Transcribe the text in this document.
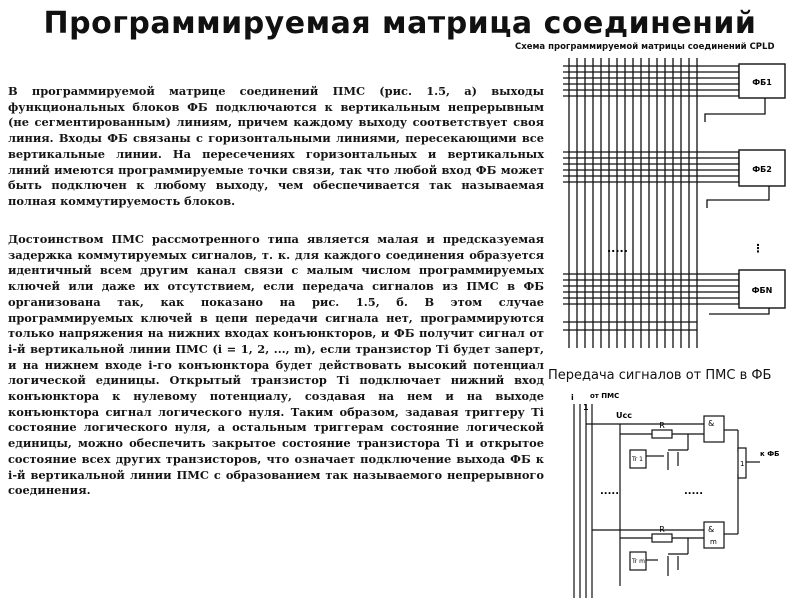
Программируемая матрица соединений

В программируемой матрице соединений ПМС (рис. 1.5, а) выходы функциональных блоков ФБ подключаются к вертикальным непрерывным (не сегментированным) линиям, причем каждому выходу соответствует своя линия. Входы ФБ связаны с горизонтальными линиями, пересекающими все вертикальные линии. На пересечениях горизонтальных и вертикальных линий имеются программируемые точки связи, так что любой вход ФБ может быть подключен к любому выходу, чем обеспечивается так называемая полная коммутируемость блоков.

Достоинством ПМС рассмотренного типа является малая и предсказуемая задержка коммутируемых сигналов, т. к. для каждого соединения образуется идентичный всем другим канал связи с малым числом программируемых ключей или даже их отсутствием, если передача сигналов из ПМС в ФБ организована так, как показано на рис. 1.5, б. В этом случае программируемых ключей в цепи передачи сигнала нет, программируются только напряжения на нижних входах конъюнкторов, и ФБ получит сигнал от i-й вертикальной линии ПМС (i = 1, 2, ..., m), если транзистор Ti будет заперт, и на нижнем входе i-го конъюнктора будет действовать высокий потенциал логической единицы. Открытый транзистор Ti подключает нижний вход конъюнктора к нулевому потенциалу, создавая на нем и на выходе конъюнктора сигнал логического нуля. Таким образом, задавая триггеру Ti состояние логического нуля, а остальным триггерам состояние логической единицы, можно обеспечить закрытое состояние транзистора Ti и открытое состояние всех других транзисторов, что означает подключение выхода ФБ к i-й вертикальной линии ПМС с образованием так называемого непрерывного соединения.

Схема программируемой матрицы соединений CPLD
ФБ1
ФБ2
ФБN
.....	⋮
Передача сигналов от ПМС в ФБ
i от ПМС
1
Ucc
R
Tr 1
&
R
Tr m
&
m
1
к ФБ
.....	.....
